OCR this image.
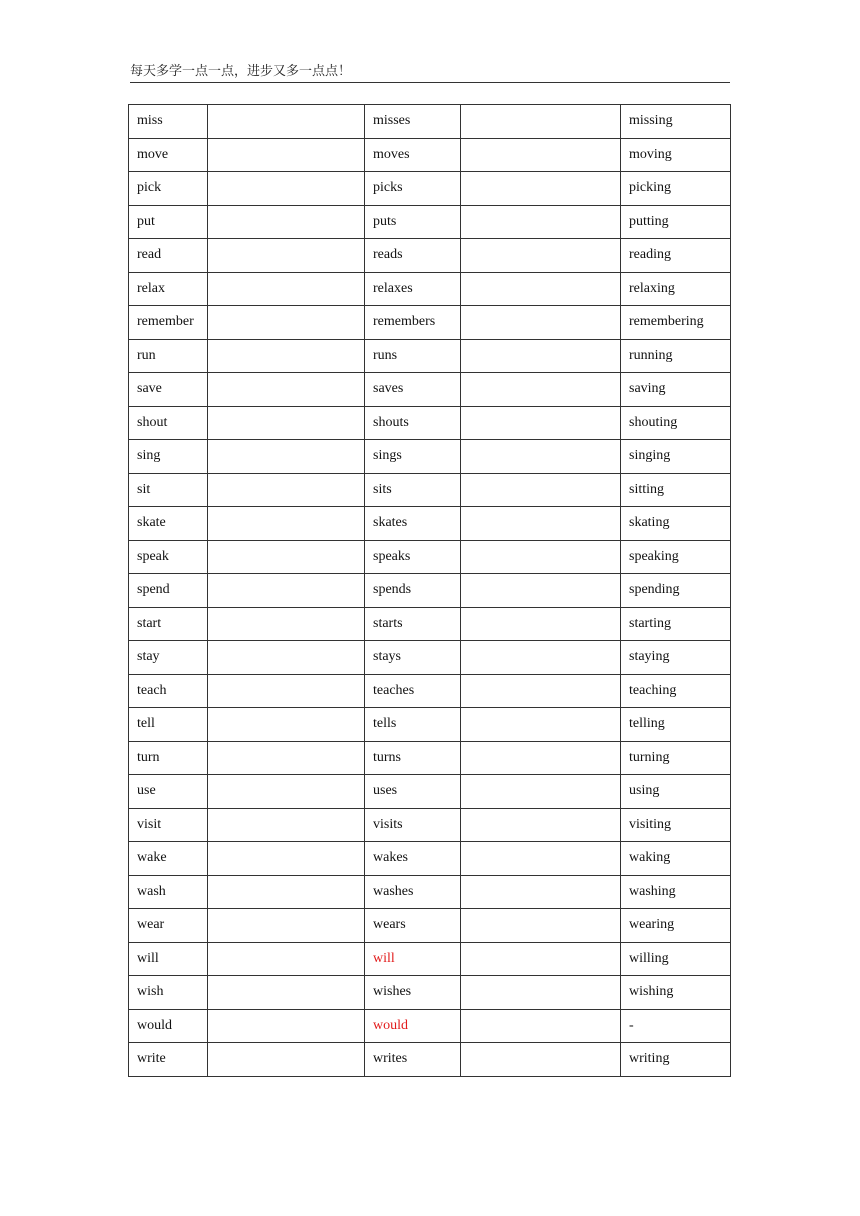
每天多学一点一点，进步又多一点点！
miss		misses		missing
move		moves		moving
pick		picks		picking
put		puts		putting
read		reads		reading
relax		relaxes		relaxing
remember		remembers		remembering
run		runs		running
save		saves		saving
shout		shouts		shouting
sing		sings		singing
sit		sits		sitting
skate		skates		skating
speak		speaks		speaking
spend		spends		spending
start		starts		starting
stay		stays		staying
teach		teaches		teaching
tell		tells		telling
turn		turns		turning
use		uses		using
visit		visits		visiting
wake		wakes		waking
wash		washes		washing
wear		wears		wearing
will		will		willing
wish		wishes		wishing
would		would		-
write		writes		writing
